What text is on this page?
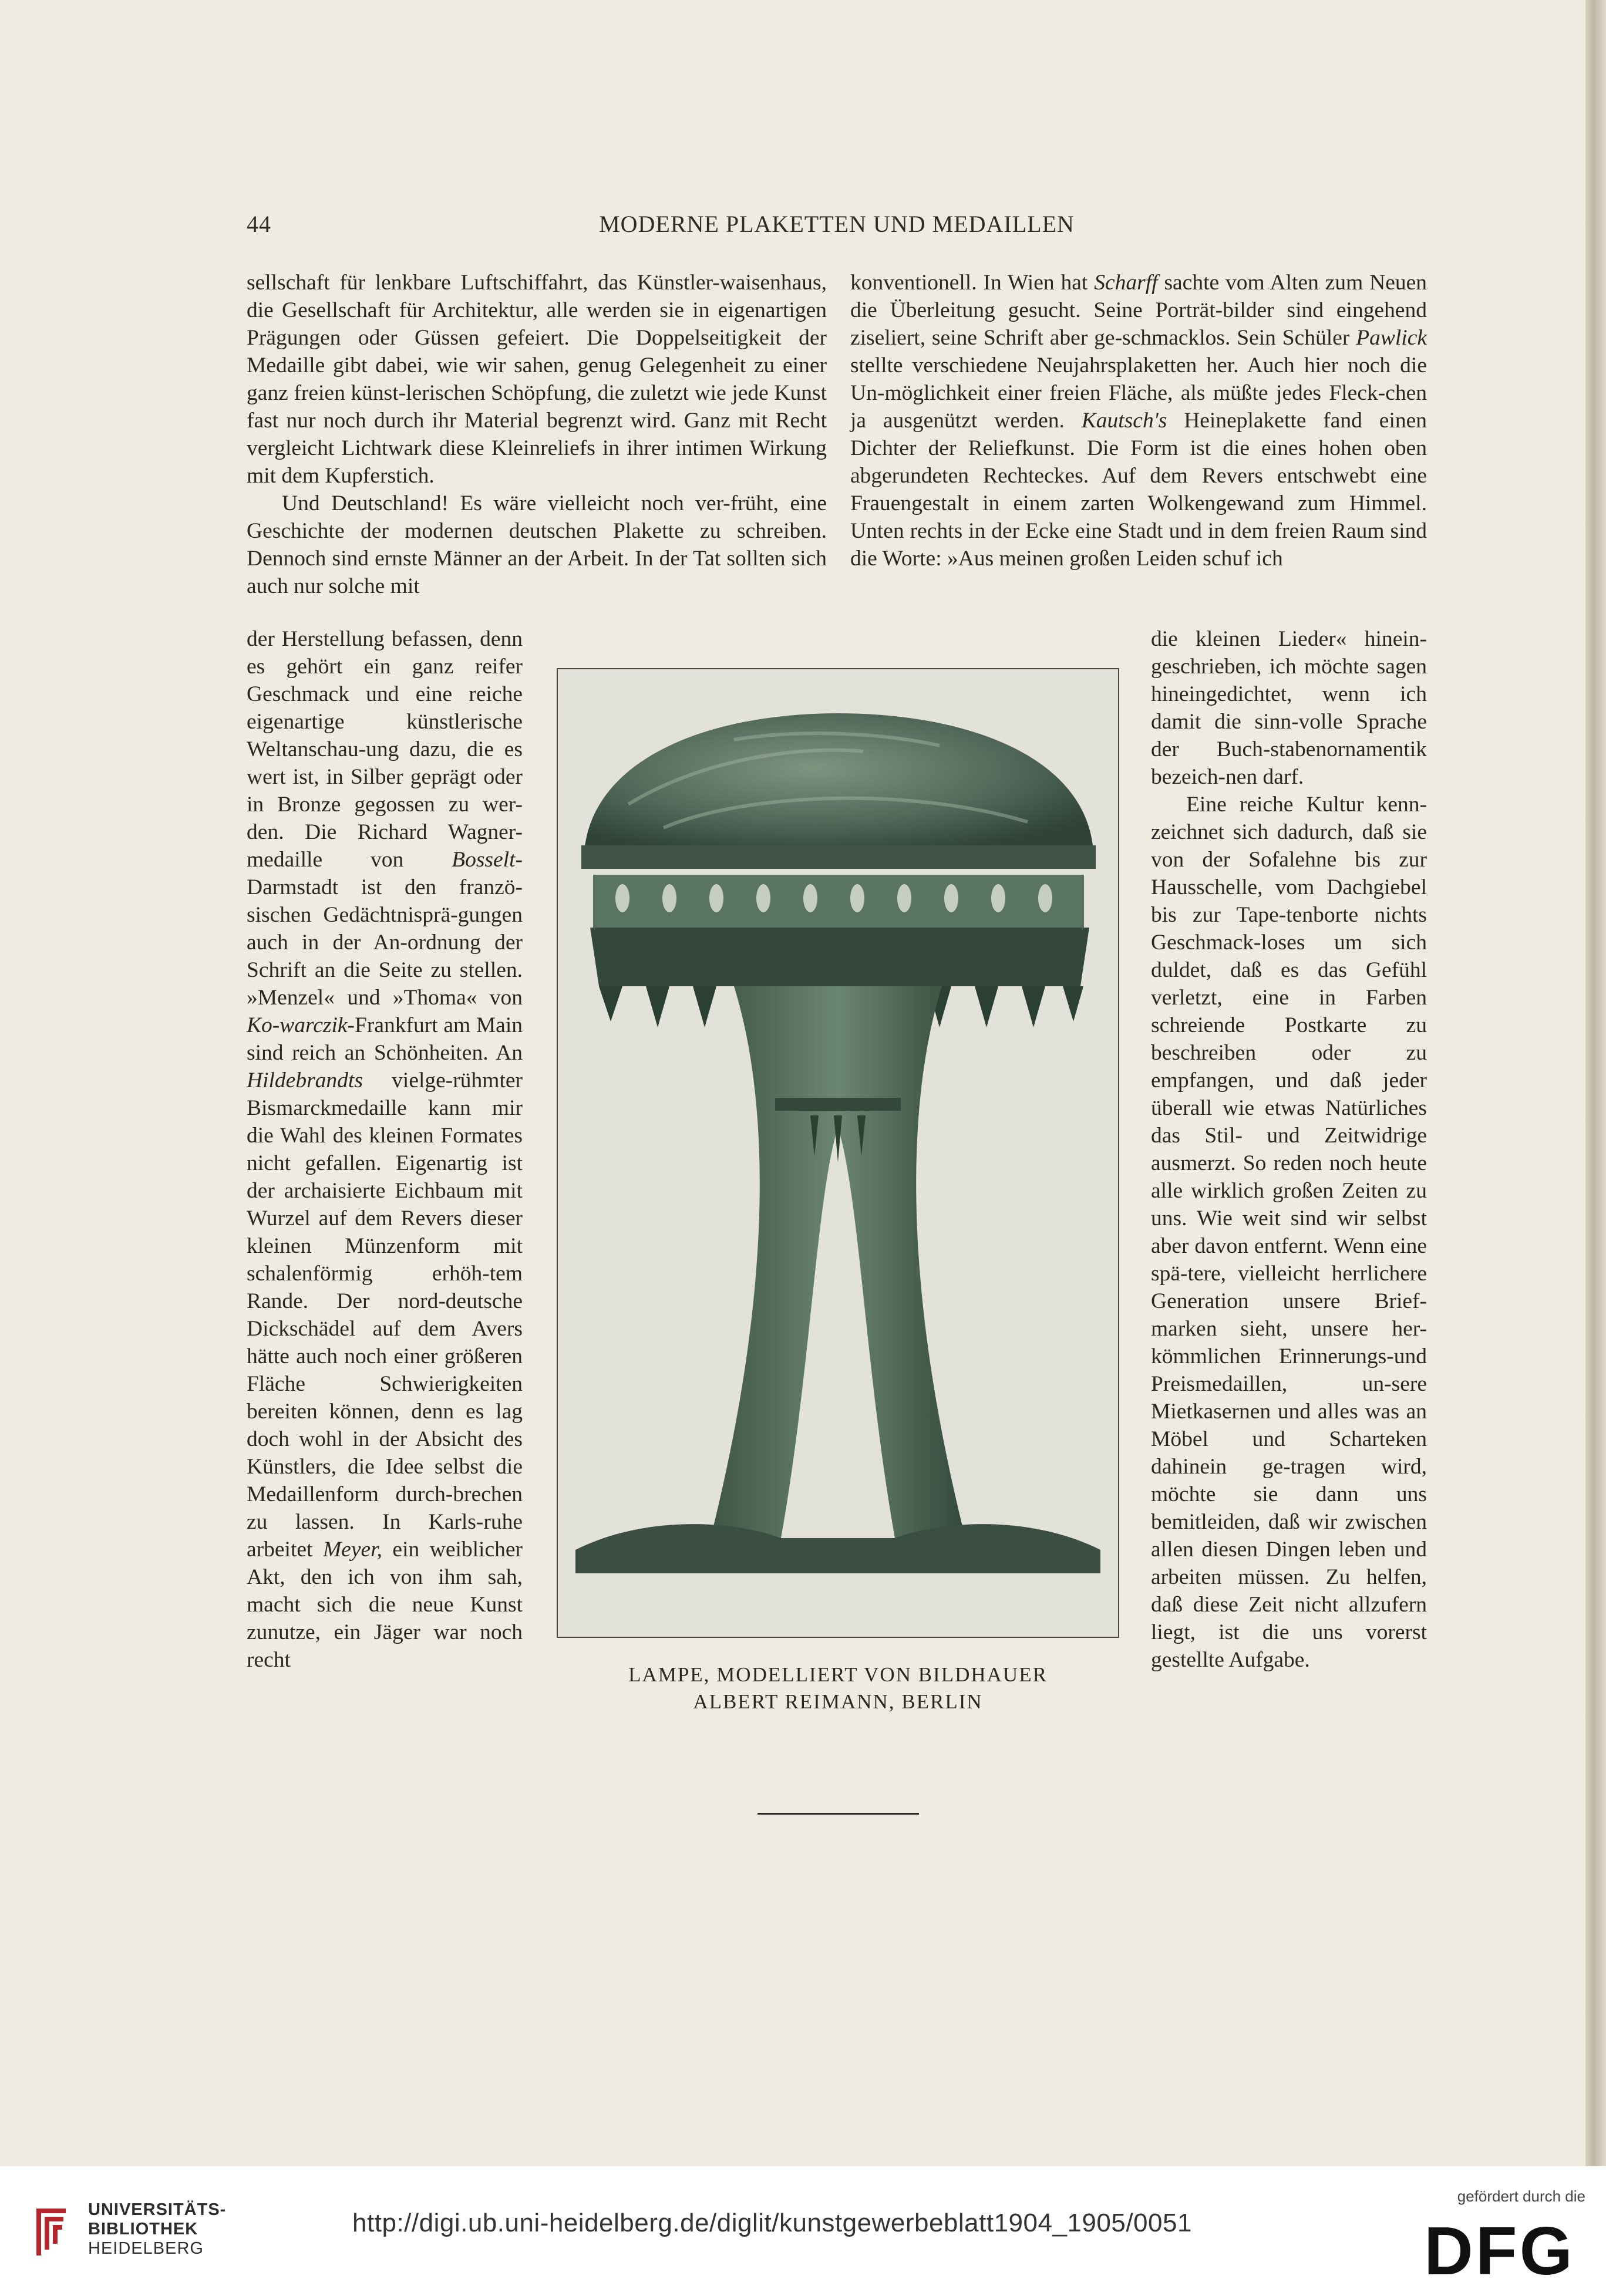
44	MODERNE PLAKETTEN UND MEDAILLEN

sellschaft für lenkbare Luftschiffahrt, das Künstler-waisenhaus, die Gesellschaft für Architektur, alle werden sie in eigenartigen Prägungen oder Güssen gefeiert. Die Doppelseitigkeit der Medaille gibt dabei, wie wir sahen, genug Gelegenheit zu einer ganz freien künst-lerischen Schöpfung, die zuletzt wie jede Kunst fast nur noch durch ihr Material begrenzt wird. Ganz mit Recht vergleicht Lichtwark diese Kleinreliefs in ihrer intimen Wirkung mit dem Kupferstich.

Und Deutschland! Es wäre vielleicht noch ver-früht, eine Geschichte der modernen deutschen Plakette zu schreiben. Dennoch sind ernste Männer an der Arbeit. In der Tat sollten sich auch nur solche mit

konventionell. In Wien hat Scharff sachte vom Alten zum Neuen die Überleitung gesucht. Seine Porträt-bilder sind eingehend ziseliert, seine Schrift aber ge-schmacklos. Sein Schüler Pawlick stellte verschiedene Neujahrsplaketten her. Auch hier noch die Un-möglichkeit einer freien Fläche, als müßte jedes Fleck-chen ja ausgenützt werden. Kautsch's Heineplakette fand einen Dichter der Reliefkunst. Die Form ist die eines hohen oben abgerundeten Rechteckes. Auf dem Revers entschwebt eine Frauengestalt in einem zarten Wolkengewand zum Himmel. Unten rechts in der Ecke eine Stadt und in dem freien Raum sind die Worte: »Aus meinen großen Leiden schuf ich

der Herstellung befassen, denn es gehört ein ganz reifer Geschmack und eine reiche eigenartige künstlerische Weltanschau-ung dazu, die es wert ist, in Silber geprägt oder in Bronze gegossen zu wer-den. Die Richard Wagner-medaille von Bosselt-Darmstadt ist den franzö-sischen Gedächtnisprä-gungen auch in der An-ordnung der Schrift an die Seite zu stellen. »Menzel« und »Thoma« von Ko-warczik-Frankfurt am Main sind reich an Schönheiten. An Hildebrandts vielge-rühmter Bismarckmedaille kann mir die Wahl des kleinen Formates nicht gefallen. Eigenartig ist der archaisierte Eichbaum mit Wurzel auf dem Revers dieser kleinen Münzenform mit schalenförmig erhöh-tem Rande. Der nord-deutsche Dickschädel auf dem Avers hätte auch noch einer größeren Fläche Schwierigkeiten bereiten können, denn es lag doch wohl in der Absicht des Künstlers, die Idee selbst die Medaillenform durch-brechen zu lassen. In Karls-ruhe arbeitet Meyer, ein weiblicher Akt, den ich von ihm sah, macht sich die neue Kunst zunutze, ein Jäger war noch recht

LAMPE, MODELLIERT VON BILDHAUER
ALBERT REIMANN, BERLIN

die kleinen Lieder« hinein-geschrieben, ich möchte sagen hineingedichtet, wenn ich damit die sinn-volle Sprache der Buch-stabenornamentik bezeich-nen darf.

Eine reiche Kultur kenn-zeichnet sich dadurch, daß sie von der Sofalehne bis zur Hausschelle, vom Dachgiebel bis zur Tape-tenborte nichts Geschmack-loses um sich duldet, daß es das Gefühl verletzt, eine in Farben schreiende Postkarte zu beschreiben oder zu empfangen, und daß jeder überall wie etwas Natürliches das Stil- und Zeitwidrige ausmerzt. So reden noch heute alle wirklich großen Zeiten zu uns. Wie weit sind wir selbst aber davon entfernt. Wenn eine spä-tere, vielleicht herrlichere Generation unsere Brief-marken sieht, unsere her-kömmlichen Erinnerungs-und Preismedaillen, un-sere Mietkasernen und alles was an Möbel und Scharteken dahinein ge-tragen wird, möchte sie dann uns bemitleiden, daß wir zwischen allen diesen Dingen leben und arbeiten müssen. Zu helfen, daß diese Zeit nicht allzufern liegt, ist die uns vorerst gestellte Aufgabe.

UNIVERSITÄTS-
BIBLIOTHEK
HEIDELBERG
http://digi.ub.uni-heidelberg.de/diglit/kunstgewerbeblatt1904_1905/0051
gefördert durch die
DFG
